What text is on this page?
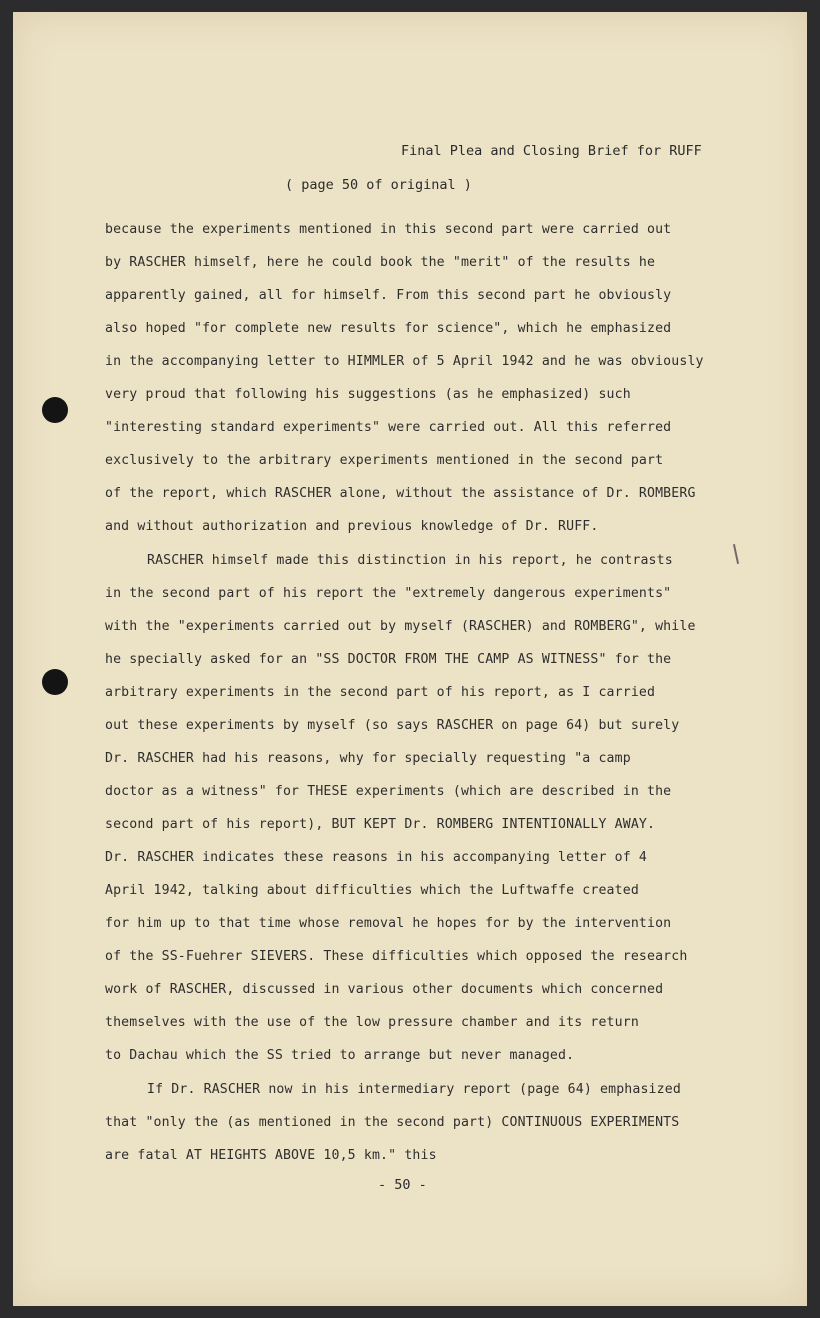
Final Plea and Closing Brief for RUFF
( page 50 of original )
because the experiments mentioned in this second part were carried out
by RASCHER himself, here he could book the "merit" of the results he
apparently gained, all for himself. From this second part he obviously
also hoped "for complete new results for science", which he emphasized
in the accompanying letter to HIMMLER of 5 April 1942 and he was obviously
very proud that following his suggestions (as he emphasized) such
"interesting standard experiments" were carried out. All this referred
exclusively to the arbitrary experiments mentioned in the second part
of the report, which RASCHER alone, without the assistance of Dr. ROMBERG
and without authorization and previous knowledge of Dr. RUFF.
RASCHER himself made this distinction in his report, he contrasts
in the second part of his report the "extremely dangerous experiments"
with the "experiments carried out by myself (RASCHER) and ROMBERG", while
he specially asked for an "SS DOCTOR FROM THE CAMP AS WITNESS" for the
arbitrary experiments in the second part of his report, as I carried
out these experiments by myself (so says RASCHER on page 64) but surely
Dr. RASCHER had his reasons, why for specially requesting "a camp
doctor as a witness" for THESE experiments (which are described in the
second part of his report), BUT KEPT Dr. ROMBERG INTENTIONALLY AWAY.
Dr. RASCHER indicates these reasons in his accompanying letter of 4
April 1942, talking about difficulties which the Luftwaffe created
for him up to that time whose removal he hopes for by the intervention
of the SS-Fuehrer SIEVERS. These difficulties which opposed the research
work of RASCHER, discussed in various other documents which concerned
themselves with the use of the low pressure chamber and its return
to Dachau which the SS tried to arrange but never managed.
If Dr. RASCHER now in his intermediary report (page 64) emphasized
that "only the (as mentioned in the second part) CONTINUOUS EXPERIMENTS
are fatal AT HEIGHTS ABOVE 10,5 km." this
- 50 -
